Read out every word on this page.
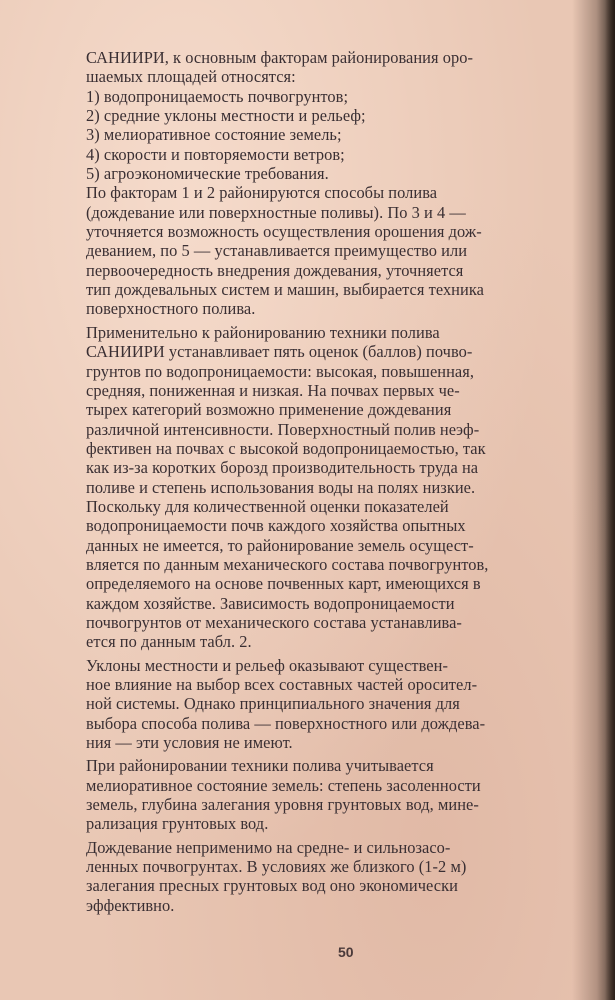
САНИИРИ, к основным факторам районирования оро-
шаемых площадей относятся:
1) водопроницаемость почвогрунтов;
2) средние уклоны местности и рельеф;
3) мелиоративное состояние земель;
4) скорости и повторяемости ветров;
5) агроэкономические требования.
По факторам 1 и 2 районируются способы полива
(дождевание или поверхностные поливы). По 3 и 4 —
уточняется возможность осуществления орошения дож-
деванием, по 5 — устанавливается преимущество или
первоочередность внедрения дождевания, уточняется
тип дождевальных систем и машин, выбирается техника
поверхностного полива.
Применительно к районированию техники полива
САНИИРИ устанавливает пять оценок (баллов) почво-
грунтов по водопроницаемости: высокая, повышенная,
средняя, пониженная и низкая. На почвах первых че-
тырех категорий возможно применение дождевания
различной интенсивности. Поверхностный полив неэф-
фективен на почвах с высокой водопроницаемостью, так
как из-за коротких борозд производительность труда на
поливе и степень использования воды на полях низкие.
Поскольку для количественной оценки показателей
водопроницаемости почв каждого хозяйства опытных
данных не имеется, то районирование земель осущест-
вляется по данным механического состава почвогрунтов,
определяемого на основе почвенных карт, имеющихся в
каждом хозяйстве. Зависимость водопроницаемости
почвогрунтов от механического состава устанавлива-
ется по данным табл. 2.
Уклоны местности и рельеф оказывают существен-
ное влияние на выбор всех составных частей оросител-
ной системы. Однако принципиального значения для
выбора способа полива — поверхностного или дождева-
ния — эти условия не имеют.
При районировании техники полива учитывается
мелиоративное состояние земель: степень засоленности
земель, глубина залегания уровня грунтовых вод, мине-
рализация грунтовых вод.
Дождевание неприменимо на средне- и сильнозасо-
ленных почвогрунтах. В условиях же близкого (1-2 м)
залегания пресных грунтовых вод оно экономически
эффективно.
50
